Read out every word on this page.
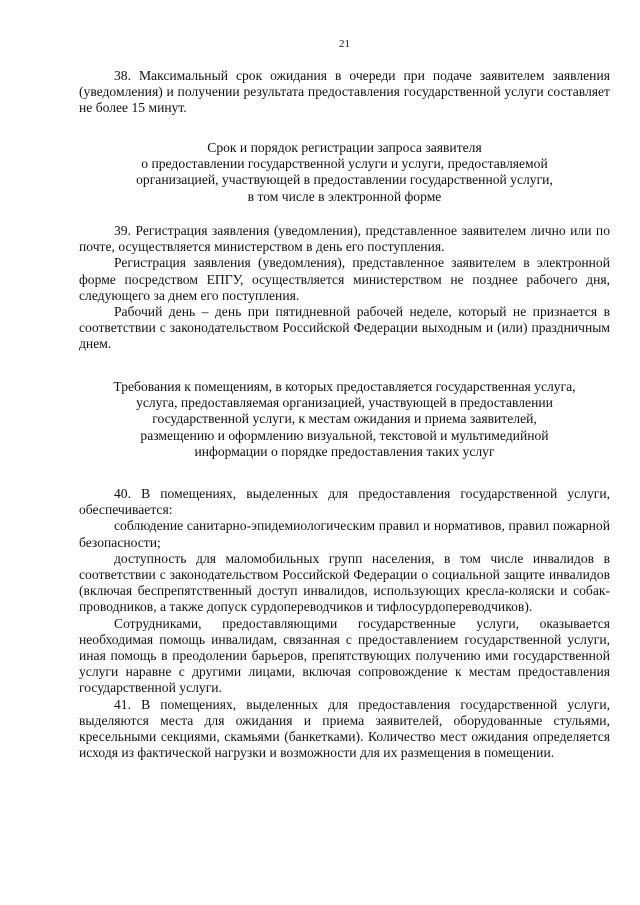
21

38. Максимальный срок ожидания в очереди при подаче заявителем заявления (уведомления) и получении результата предоставления государственной услуги составляет не более 15 минут.

Срок и порядок регистрации запроса заявителя
о предоставлении государственной услуги и услуги, предоставляемой
организацией, участвующей в предоставлении государственной услуги,
в том числе в электронной форме

39. Регистрация заявления (уведомления), представленное заявителем лично или по почте, осуществляется министерством в день его поступления.

Регистрация заявления (уведомления), представленное заявителем в электронной форме посредством ЕПГУ, осуществляется министерством не позднее рабочего дня, следующего за днем его поступления.

Рабочий день – день при пятидневной рабочей неделе, который не признается в соответствии с законодательством Российской Федерации выходным и (или) праздничным днем.

Требования к помещениям, в которых предоставляется государственная услуга,
услуга, предоставляемая организацией, участвующей в предоставлении
государственной услуги, к местам ожидания и приема заявителей,
размещению и оформлению визуальной, текстовой и мультимедийной
информации о порядке предоставления таких услуг

40. В помещениях, выделенных для предоставления государственной услуги, обеспечивается:

соблюдение санитарно-эпидемиологическим правил и нормативов, правил пожарной безопасности;

доступность для маломобильных групп населения, в том числе инвалидов в соответствии с законодательством Российской Федерации о социальной защите инвалидов (включая беспрепятственный доступ инвалидов, использующих кресла-коляски и собак-проводников, а также допуск сурдопереводчиков и тифлосурдопереводчиков).

Сотрудниками, предоставляющими государственные услуги, оказывается необходимая помощь инвалидам, связанная с предоставлением государственной услуги, иная помощь в преодолении барьеров, препятствующих получению ими государственной услуги наравне с другими лицами, включая сопровождение к местам предоставления государственной услуги.

41. В помещениях, выделенных для предоставления государственной услуги, выделяются места для ожидания и приема заявителей, оборудованные стульями, кресельными секциями, скамьями (банкетками). Количество мест ожидания определяется исходя из фактической нагрузки и возможности для их размещения в помещении.
